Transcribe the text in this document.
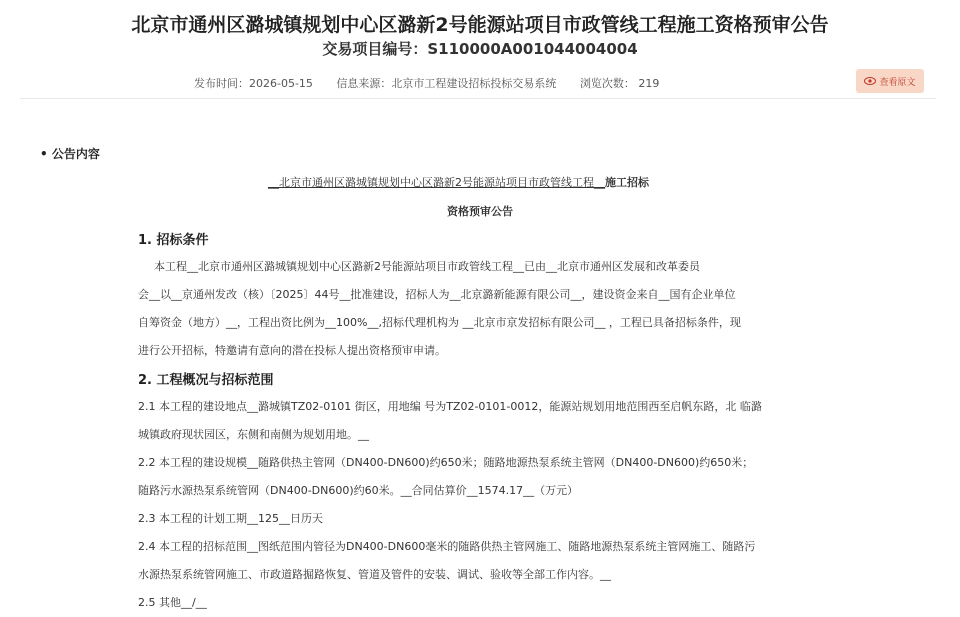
北京市通州区潞城镇规划中心区潞新2号能源站项目市政管线工程施工资格预审公告
交易项目编号：S110000A001044004004
发布时间：2026-05-15 信息来源：北京市工程建设招标投标交易系统 浏览次数： 219	查看原文
• 公告内容
__北京市通州区潞城镇规划中心区潞新2号能源站项目市政管线工程__施工招标
资格预审公告
1. 招标条件
本工程__北京市通州区潞城镇规划中心区潞新2号能源站项目市政管线工程__已由__北京市通州区发展和改革委员
会__以__京通州发改（核）〔2025〕44号__批准建设，招标人为__北京潞新能源有限公司__，建设资金来自__国有企业单位
自筹资金（地方）__，工程出资比例为__100%__,招标代理机构为 __北京市京发招标有限公司__ ，工程已具备招标条件，现
进行公开招标，特邀请有意向的潜在投标人提出资格预审申请。
2. 工程概况与招标范围
2.1 本工程的建设地点__潞城镇TZ02-0101 街区，用地编 号为TZ02-0101-0012，能源站规划用地范围西至启帆东路，北 临潞
城镇政府现状园区，东侧和南侧为规划用地。__
2.2 本工程的建设规模__随路供热主管网（DN400-DN600)约650米；随路地源热泵系统主管网（DN400-DN600)约650米；
随路污水源热泵系统管网（DN400-DN600)约60米。__合同估算价__1574.17__（万元）
2.3 本工程的计划工期__125__日历天
2.4 本工程的招标范围__图纸范围内管径为DN400-DN600毫米的随路供热主管网施工、随路地源热泵系统主管网施工、随路污
水源热泵系统管网施工、市政道路掘路恢复、管道及管件的安装、调试、验收等全部工作内容。__
2.5 其他__/__
